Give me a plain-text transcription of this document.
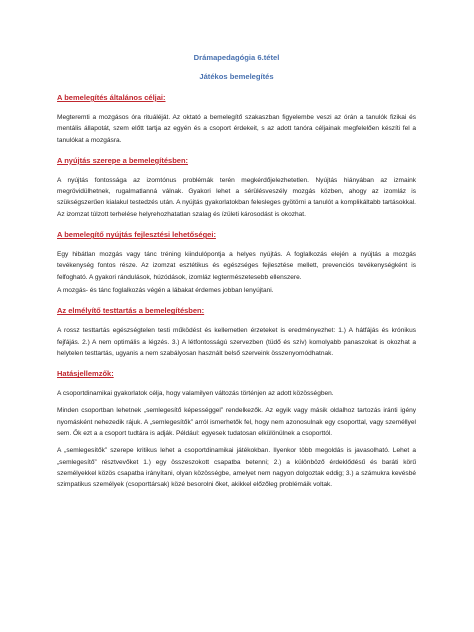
Drámapedagógia 6.tétel
Játékos bemelegítés
A bemelegítés általános céljai:

Megteremti a mozgásos óra rituáléját. Az oktató a bemelegítő szakaszban figyelembe veszi az órán a tanulók fizikai és mentális állapotát, szem előtt tartja az egyén és a csoport érdekeit, s az adott tanóra céljainak megfelelően készíti fel a tanulókat a mozgásra.

A nyújtás szerepe a bemelegítésben:

A nyújtás fontossága az izomtónus problémák terén megkérdőjelezhetetlen. Nyújtás hiányában az izmaink megrövidülhetnek, rugalmatlanná válnak. Gyakori lehet a sérülésveszély mozgás közben, ahogy az izomláz is szükségszerűen kialakul testedzés után. A nyújtás gyakorlatokban felesleges gyötörni a tanulót a komplikáltabb tartásokkal. Az izomzat túlzott terhelése helyrehozhatatlan szalag és ízületi károsodást is okozhat.

A bemelegítő nyújtás fejlesztési lehetőségei:

Egy hibátlan mozgás vagy tánc tréning kiindulópontja a helyes nyújtás. A foglalkozás elején a nyújtás a mozgás tevékenység fontos része. Az izomzat esztétikus és egészséges fejlesztése mellett, prevenciós tevékenységként is felfogható. A gyakori rándulások, húzódások, izomláz legtermészetesebb ellenszere.

A mozgás- és tánc foglalkozás végén a lábakat érdemes jobban lenyújtani.

Az elmélyítő testtartás a bemelegítésben:

A rossz testtartás egészségtelen testi működést és kellemetlen érzeteket is eredményezhet: 1.) A hátfájás és krónikus fejfájás. 2.) A nem optimális a légzés. 3.) A létfontosságú szervezben (tüdő és szív) komolyabb panaszokat is okozhat a helytelen testtartás, ugyanis a nem szabályosan használt belső szerveink összenyomódhatnak.

Hatásjellemzők:

A csoportdinamikai gyakorlatok célja, hogy valamilyen változás történjen az adott közösségben.

Minden csoportban lehetnek „semlegesítő képességgel” rendelkezők. Az egyik vagy másik oldalhoz tartozás iránti igény nyomásként nehezedik rájuk. A „semlegesítők” arról ismerhetők fel, hogy nem azonosulnak egy csoporttal, vagy személlyel sem. Ők ezt a a csoport tudtára is adják. Például: egyesek tudatosan elkülönülnek a csoporttól.

A „semlegesítők” szerepe kritikus lehet a csoportdinamikai játékokban. Ilyenkor több megoldás is javasolható. Lehet a „semlegesítő” résztvevőket 1.) egy összeszokott csapatba betenni; 2.) a különböző érdeklődésű és baráti körű személyekkel közös csapatba irányítani, olyan közösségbe, amelyet nem nagyon dolgoztak eddig; 3.) a számukra kevésbé szimpatikus személyek (csoporttársak) közé besorolni őket, akikkel előzőleg problémáik voltak.
